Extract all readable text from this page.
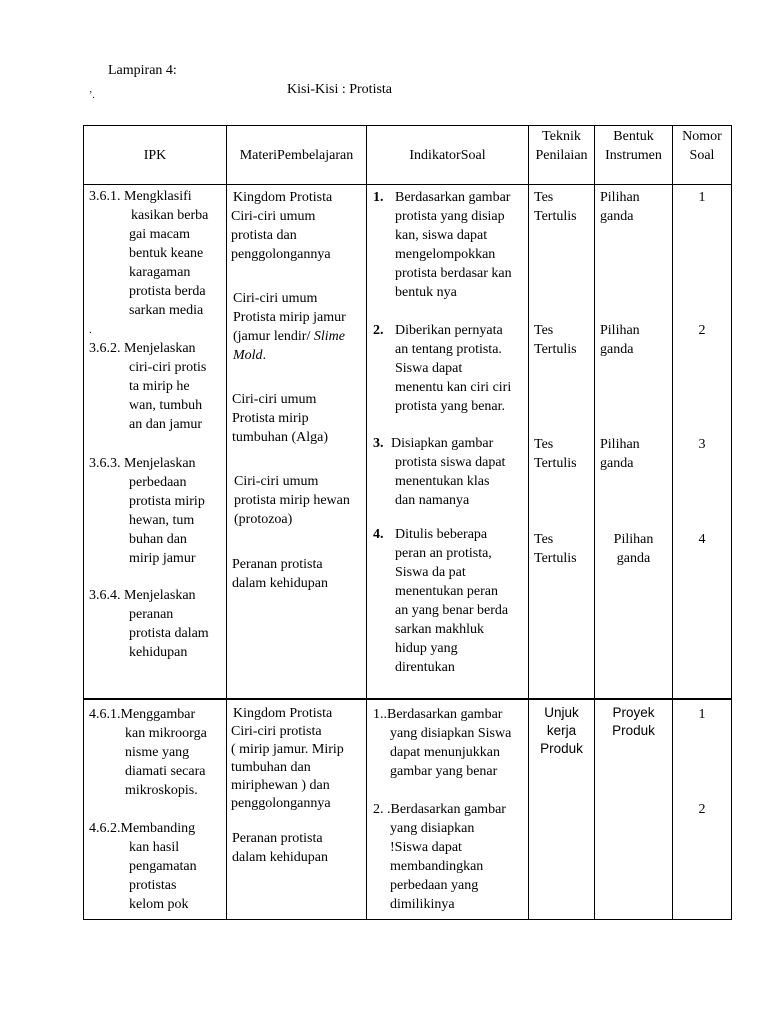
Lampiran 4:
Kisi-Kisi : Protista
ʼ.
IPK	MateriPembelajaran	IndikatorSoal
Teknik
Penilaian
Bentuk
Instrumen
Nomor
Soal
3.6.1. Mengklasifi
kasikan berba
gai macam
bentuk keane
karagaman
protista berda
sarkan media
.
3.6.2. Menjelaskan
ciri-ciri protis
ta mirip he
wan, tumbuh
an dan jamur
3.6.3. Menjelaskan
perbedaan
protista mirip
hewan, tum
buhan dan
mirip jamur
3.6.4. Menjelaskan
peranan
protista dalam
kehidupan
Kingdom Protista
Ciri-ciri umum
protista dan
penggolongannya
Ciri-ciri umum
Protista mirip jamur
(jamur lendir/ Slime
Mold.
Ciri-ciri umum
Protista mirip
tumbuhan (Alga)
Ciri-ciri umum
protista mirip hewan
(protozoa)
Peranan protista
dalam kehidupan
1. Berdasarkan gambar
protista yang disiap
kan, siswa dapat
mengelompokkan
protista berdasar kan
bentuk nya
2. Diberikan pernyata
an tentang protista.
Siswa dapat
menentu kan ciri ciri
protista yang benar.
3. Disiapkan gambar
protista siswa dapat
menentukan klas
dan namanya
4. Ditulis beberapa
peran an protista,
Siswa da pat
menentukan peran
an yang benar berda
sarkan makhluk
hidup yang
direntukan
Tes
Tertulis
Tes
Tertulis
Tes
Tertulis
Tes
Tertulis
Pilihan
ganda
Pilihan
ganda
Pilihan
ganda
Pilihan
ganda
1
2
3
4
4.6.1.Menggambar
kan mikroorga
nisme yang
diamati secara
mikroskopis.
4.6.2.Membanding
kan hasil
pengamatan
protistas
kelom pok
Kingdom Protista
Ciri-ciri protista
( mirip jamur. Mirip
tumbuhan dan
miriphewan ) dan
penggolongannya
Peranan protista
dalam kehidupan
1..Berdasarkan gambar
yang disiapkan Siswa
dapat menunjukkan
gambar yang benar
2. .Berdasarkan gambar
yang disiapkan
!Siswa dapat
membandingkan
perbedaan yang
dimilikinya
Unjuk
kerja
Produk
Proyek
Produk
1
2
